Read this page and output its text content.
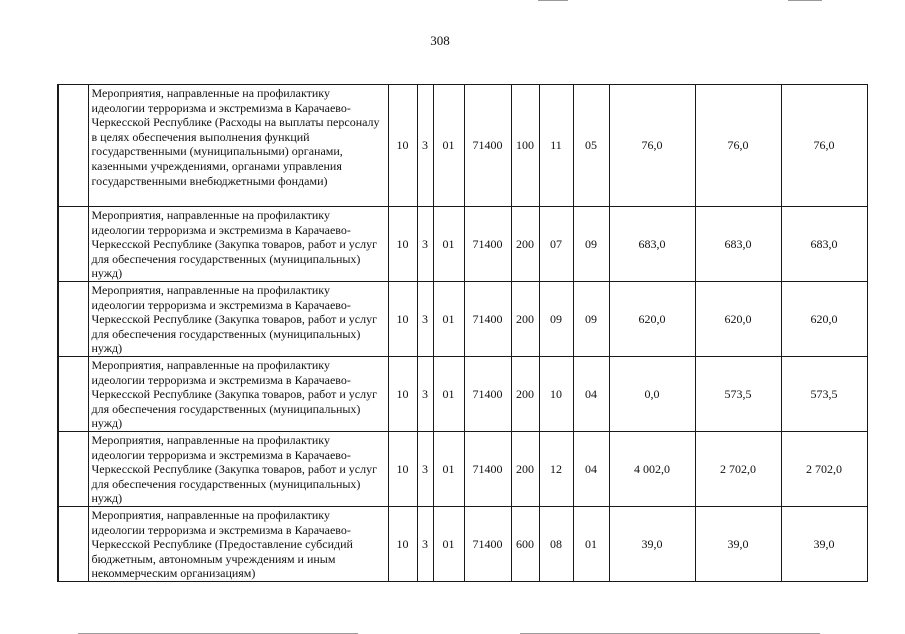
308
	Мероприятия, направленные на профилактику идеологии терроризма и экстремизма в Карачаево-Черкесской Республике (Расходы на выплаты персоналу в целях обеспечения выполнения функций государственными (муниципальными) органами, казенными учреждениями, органами управления государственными внебюджетными фондами)	10	3	01	71400	100	11	05	76,0	76,0	76,0
	Мероприятия, направленные на профилактику идеологии терроризма и экстремизма в Карачаево-Черкесской Республике (Закупка товаров, работ и услуг для обеспечения государственных (муниципальных) нужд)	10	3	01	71400	200	07	09	683,0	683,0	683,0
	Мероприятия, направленные на профилактику идеологии терроризма и экстремизма в Карачаево-Черкесской Республике (Закупка товаров, работ и услуг для обеспечения государственных (муниципальных) нужд)	10	3	01	71400	200	09	09	620,0	620,0	620,0
	Мероприятия, направленные на профилактику идеологии терроризма и экстремизма в Карачаево-Черкесской Республике (Закупка товаров, работ и услуг для обеспечения государственных (муниципальных) нужд)	10	3	01	71400	200	10	04	0,0	573,5	573,5
	Мероприятия, направленные на профилактику идеологии терроризма и экстремизма в Карачаево-Черкесской Республике (Закупка товаров, работ и услуг для обеспечения государственных (муниципальных) нужд)	10	3	01	71400	200	12	04	4 002,0	2 702,0	2 702,0
	Мероприятия, направленные на профилактику идеологии терроризма и экстремизма в Карачаево-Черкесской Республике (Предоставление субсидий бюджетным, автономным учреждениям и иным некоммерческим организациям)	10	3	01	71400	600	08	01	39,0	39,0	39,0
